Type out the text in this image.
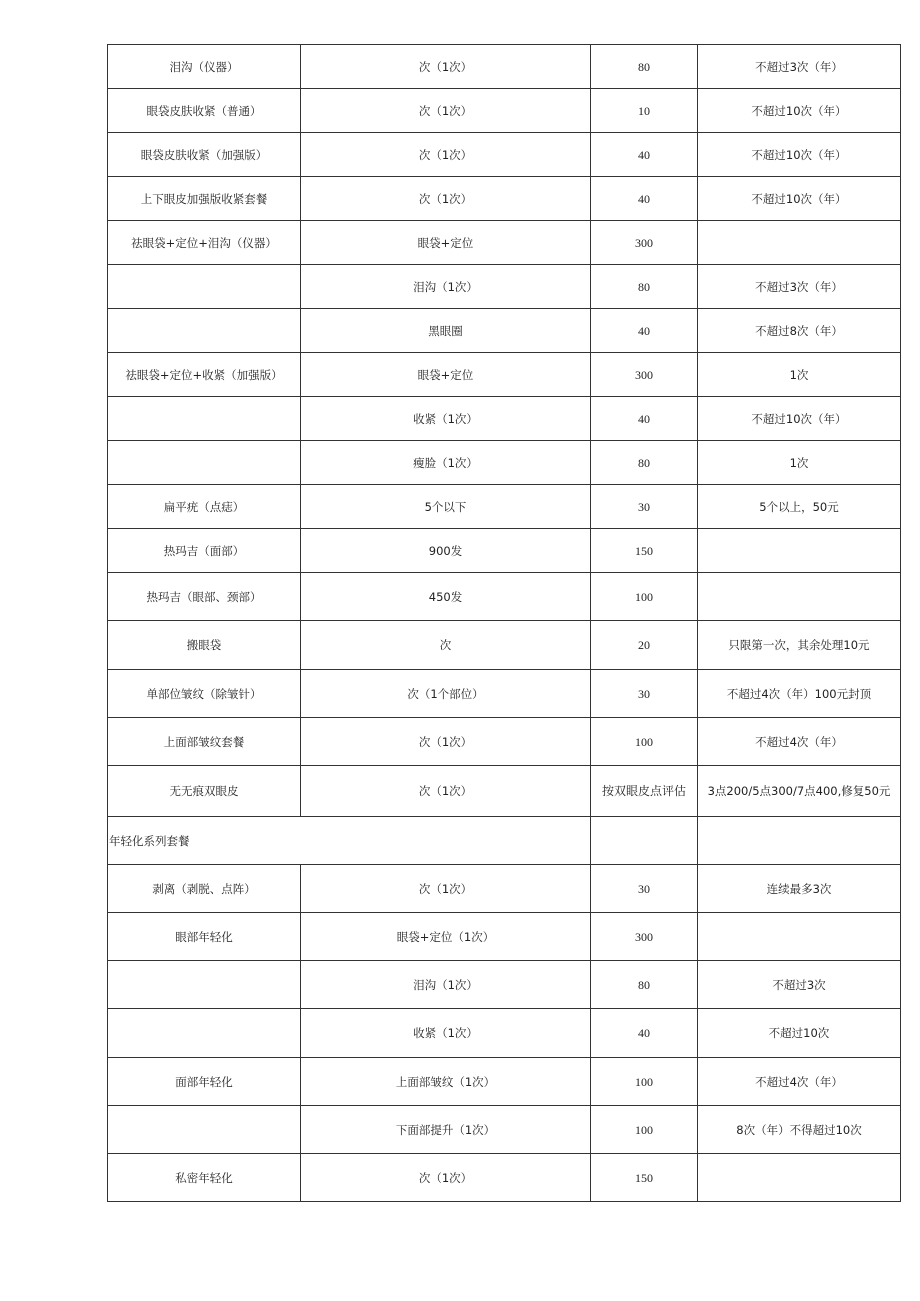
泪沟（仪器）	次（1次）	80	不超过3次（年）
眼袋皮肤收紧（普通）	次（1次）	10	不超过10次（年）
眼袋皮肤收紧（加强版）	次（1次）	40	不超过10次（年）
上下眼皮加强版收紧套餐	次（1次）	40	不超过10次（年）
祛眼袋+定位+泪沟（仪器）	眼袋+定位	300	
	泪沟（1次）	80	不超过3次（年）
	黑眼圈	40	不超过8次（年）
祛眼袋+定位+收紧（加强版）	眼袋+定位	300	1次
	收紧（1次）	40	不超过10次（年）
	瘦脸（1次）	80	1次
扁平疣（点痣）	5个以下	30	5个以上，50元
热玛吉（面部）	900发	150	
热玛吉（眼部、颈部）	450发	100	
搬眼袋	次	20	只限第一次，其余处理10元
单部位皱纹（除皱针）	次（1个部位）	30	不超过4次（年）100元封顶
上面部皱纹套餐	次（1次）	100	不超过4次（年）
无无痕双眼皮	次（1次）	按双眼皮点评估	3点200/5点300/7点400,修复50元
年轻化系列套餐			
剥离（剥脱、点阵）	次（1次）	30	连续最多3次
眼部年轻化	眼袋+定位（1次）	300	
	泪沟（1次）	80	不超过3次
	收紧（1次）	40	不超过10次
面部年轻化	上面部皱纹（1次）	100	不超过4次（年）
	下面部提升（1次）	100	8次（年）不得超过10次
私密年轻化	次（1次）	150	
